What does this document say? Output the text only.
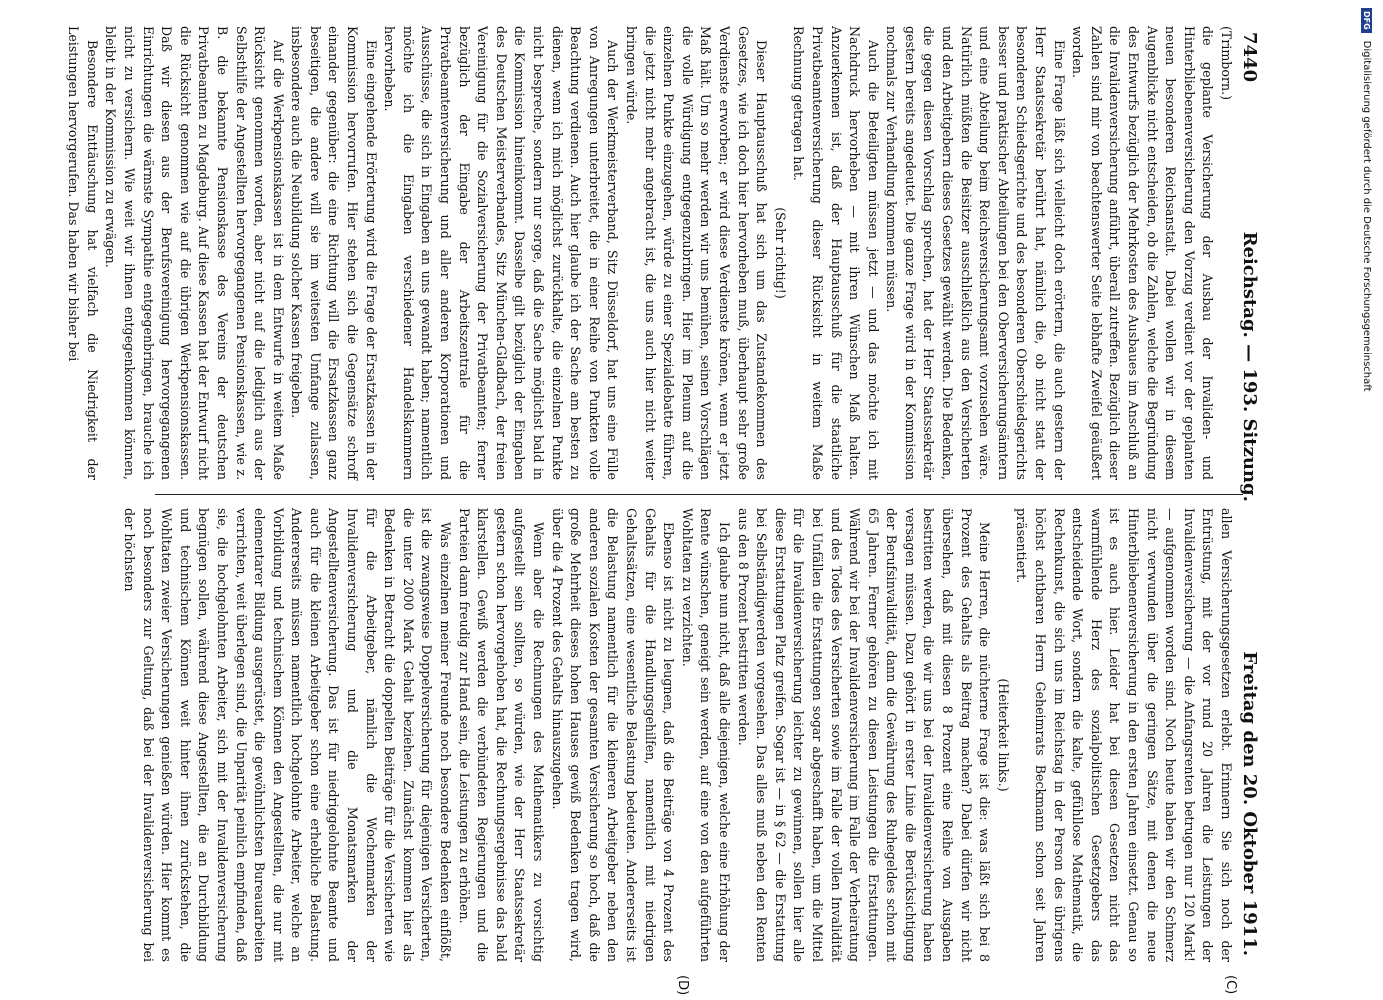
7440
Reichstag. — 193. Sitzung.
Freitag den 20. Oktober 1911.

(Trimborn.)

die geplante Versicherung der Ausbau der Invaliden- und Hinterbliebenenversicherung den Vorzug verdient vor der geplanten neuen besonderen Reichsanstalt. Dabei wollen wir in diesem Augenblicke nicht entscheiden, ob die Zahlen, welche die Begründung des Entwurfs bezüglich der Mehrkosten des Ausbaues im Anschluß an die Invalidenversicherung anführt, überall zutreffen. Bezüglich dieser Zahlen sind mir von beachtenswerter Seite lebhafte Zweifel geäußert worden.

Eine Frage läßt sich vielleicht doch erörtern, die auch gestern der Herr Staatssekretär berührt hat, nämlich die, ob nicht statt der besonderen Schiedsgerichte und des besonderen Oberschiedsgerichts besser und praktischer Abteilungen bei den Oberversicherungsämtern und eine Abteilung beim Reichsversicherungsamt vorzusehen wäre. Natürlich müßten die Beisitzer ausschließlich aus den Versicherten und den Arbeitgebern dieses Gesetzes gewählt werden. Die Bedenken, die gegen diesen Vorschlag sprechen, hat der Herr Staatssekretär gestern bereits angedeutet. Die ganze Frage wird in der Kommission nochmals zur Verhandlung kommen müssen.

Auch die Beteiligten müssen jetzt — und das möchte ich mit Nachdruck hervorheben — mit ihren Wünschen Maß halten. Anzuerkennen ist, daß der Hauptausschuß für die staatliche Privatbeamtenversicherung dieser Rücksicht in weitem Maße Rechnung getragen hat.

(Sehr richtig!)

Dieser Hauptausschuß hat sich um das Zustandekommen des Gesetzes, wie ich doch hier hervorheben muß, überhaupt sehr große Verdienste erworben; er wird diese Verdienste krönen, wenn er jetzt Maß hält. Um so mehr werden wir uns bemühen, seinen Vorschlägen die volle Würdigung entgegenzubringen. Hier im Plenum auf die einzelnen Punkte einzugehen, würde zu einer Spezialdebatte führen, die jetzt nicht mehr angebracht ist, die uns auch hier nicht weiter bringen würde.

Auch der Werkmeisterverband, Sitz Düsseldorf, hat uns eine Fülle von Anregungen unterbreitet, die in einer Reihe von Punkten volle Beachtung verdienen. Auch hier glaube ich der Sache am besten zu dienen, wenn ich mich möglichst zurückhalte, die einzelnen Punkte nicht bespreche, sondern nur sorge, daß die Sache möglichst bald in die Kommission hineinkommt. Dasselbe gilt bezüglich der Eingaben des Deutschen Meisterverbandes, Sitz München-Gladbach, der freien Vereinigung für die Sozialversicherung der Privatbeamten; ferner bezüglich der Eingabe der Arbeitszentrale für die Privatbeamtenversicherung und aller anderen Korporationen und Ausschüsse, die sich in Eingaben an uns gewandt haben; namentlich möchte ich die Eingaben verschiedener Handelskammern hervorheben.

Eine eingehende Erörterung wird die Frage der Ersatzkassen in der Kommission hervorrufen. Hier stehen sich die Gegensätze schroff einander gegenüber: die eine Richtung will die Ersatzkassen ganz beseitigen, die andere will sie im weitesten Umfange zulassen, insbesondere auch die Neubildung solcher Kassen freigeben.

Auf die Werkpensionskassen ist in dem Entwurfe in weitem Maße Rücksicht genommen worden, aber nicht auf die lediglich aus der Selbsthilfe der Angestellten hervorgegangenen Pensionskassen, wie z. B. die bekannte Pensionskasse des Vereins der deutschen Privatbeamten zu Magdeburg. Auf diese Kassen hat der Entwurf nicht die Rücksicht genommen wie auf die übrigen Werkpensionskassen. Daß wir diesen aus der Berufsvereinigung hervorgegangenen Einrichtungen die wärmste Sympathie entgegenbringen, brauche ich nicht zu versichern. Wie weit wir ihnen entgegenkommen können, bleibt in der Kommission zu erwägen.

Besondere Enttäuschung hat vielfach die Niedrigkeit der Leistungen hervorgerufen. Das haben wir bisher bei

allen Versicherungsgesetzen erlebt. Erinnern Sie sich noch der Entrüstung, mit der vor rund 20 Jahren die Leistungen der Invalidenversicherung — die Anfangsrenten betrugen nur 120 Mark! — aufgenommen worden sind. Noch heute haben wir den Schmerz nicht verwunden über die geringen Sätze, mit denen die neue Hinterbliebenenversicherung in den ersten Jahren einsetzt. Genau so ist es auch hier. Leider hat bei diesen Gesetzen nicht das warmfühlende Herz des sozialpolitischen Gesetzgebers das entscheidende Wort, sondern die kalte, gefühllose Mathematik, die Rechenkunst, die sich uns im Reichstag in der Person des übrigens höchst achtbaren Herrn Geheimrats Beckmann schon seit Jahren präsentiert.

(Heiterkeit links.)

Meine Herren, die nüchterne Frage ist die: was läßt sich bei 8 Prozent des Gehalts als Beitrag machen? Dabei dürfen wir nicht übersehen, daß mit diesen 8 Prozent eine Reihe von Ausgaben bestritten werden, die wir uns bei der Invalidenversicherung haben versagen müssen. Dazu gehört in erster Linie die Berücksichtigung der Berufsinvalidität, dann die Gewährung des Ruhegeldes schon mit 65 Jahren. Ferner gehören zu diesen Leistungen die Erstattungen. Während wir bei der Invalidenversicherung im Falle der Verheiratung und des Todes des Versicherten sowie im Falle der vollen Invalidität bei Unfällen die Erstattungen sogar abgeschafft haben, um die Mittel für die Invalidenversicherung leichter zu gewinnen, sollen hier alle diese Erstattungen Platz greifen. Sogar ist — in § 62 — die Erstattung bei Selbständigwerden vorgesehen. Das alles muß neben den Renten aus den 8 Prozent bestritten werden.

Ich glaube nun nicht, daß alle diejenigen, welche eine Erhöhung der Rente wünschen, geneigt sein werden, auf eine von den aufgeführten Wohltaten zu verzichten.

Ebenso ist nicht zu leugnen, daß die Beiträge von 4 Prozent des Gehalts für die Handlungsgehilfen, namentlich mit niedrigen Gehaltssätzen, eine wesentliche Belastung bedeuten. Andererseits ist die Belastung namentlich für die kleineren Arbeitgeber neben den anderen sozialen Kosten der gesamten Versicherung so hoch, daß die große Mehrheit dieses hohen Hauses gewiß Bedenken tragen wird, über die 4 Prozent des Gehalts hinauszugehen.

Wenn aber die Rechnungen des Mathematikers zu vorsichtig aufgestellt sein sollten, so würden, wie der Herr Staatssekretär gestern schon hervorgehoben hat, die Rechnungsergebnisse das bald klarstellen. Gewiß werden die verbündeten Regierungen und die Parteien dann freudig zur Hand sein, die Leistungen zu erhöhen.

Was einzelnen meiner Freunde noch besondere Bedenken einflößt, ist die zwangsweise Doppelversicherung für diejenigen Versicherten, die unter 2000 Mark Gehalt beziehen. Zunächst kommen hier als Bedenken in Betracht die doppelten Beiträge für die Versicherten wie für die Arbeitgeber, nämlich die Wochenmarken der Invalidenversicherung und die Monatsmarken der Angestelltenversicherung. Das ist für niedriggelohnte Beamte und auch für die kleinen Arbeitgeber schon eine erhebliche Belastung. Andererseits müssen namentlich hochgelohnte Arbeiter, welche an Vorbildung und technischem Können den Angestellten, die nur mit elementarer Bildung ausgerüstet, die gewöhnlichsten Bureauarbeiten verrichten, weit überlegen sind, die Unparität peinlich empfinden, daß sie, die hochgelohnten Arbeiter, sich mit der Invalidenversicherung begnügen sollen, während diese Angestellten, die an Durchbildung und technischem Können weit hinter ihnen zurückstehen, die Wohltaten zweier Versicherungen genießen würden. Hier kommt es noch besonders zur Geltung, daß bei der Invalidenversicherung bei der höchsten

(C)
(D)
DFG
Digitalisierung gefördert durch die Deutsche Forschungsgemeinschaft
